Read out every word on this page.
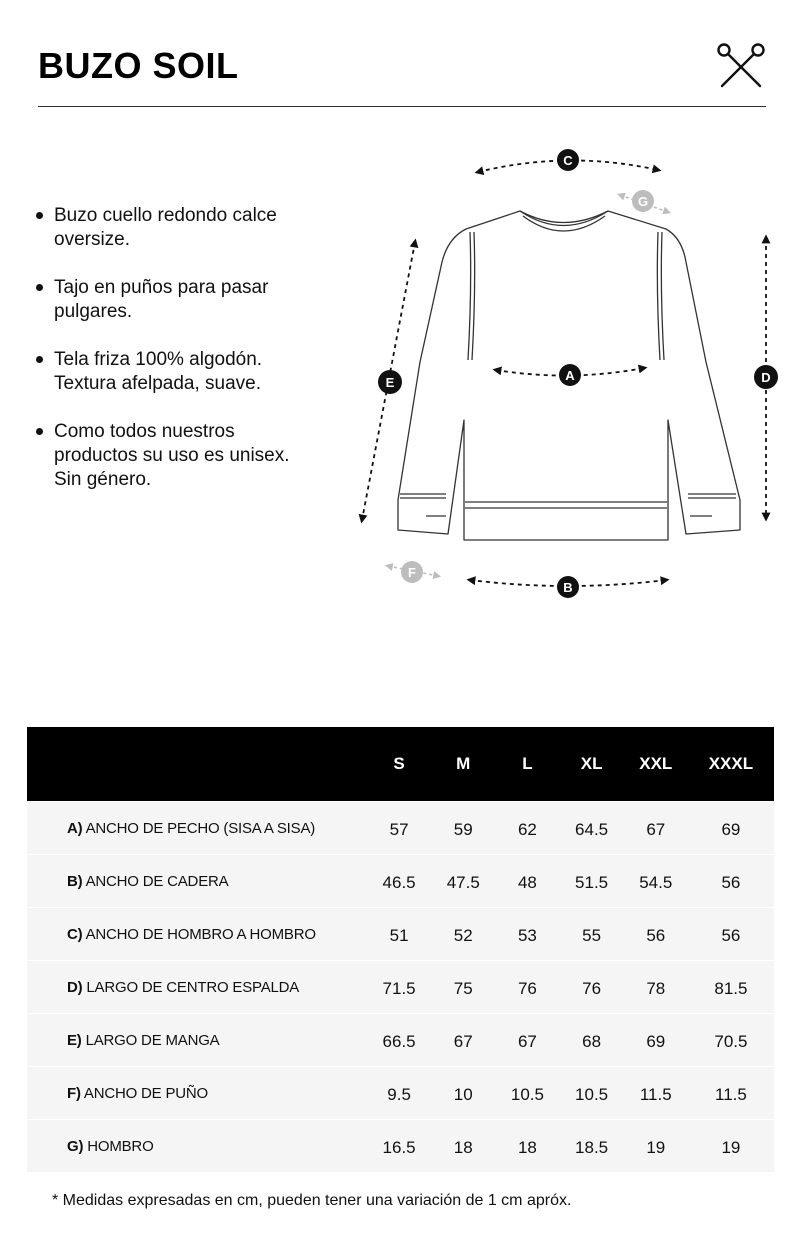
BUZO SOIL
Buzo cuello redondo calce
oversize.
Tajo en puños para pasar
pulgares.
Tela friza 100% algodón.
Textura afelpada, suave.
Como todos nuestros
productos su uso es unisex.
Sin género.
C
G
A	D
E
F
B
	S	M	L	XL	XXL	XXXL
A) ANCHO DE PECHO (SISA A SISA)	57	59	62	64.5	67	69
B) ANCHO DE CADERA	46.5	47.5	48	51.5	54.5	56
C) ANCHO DE HOMBRO A HOMBRO	51	52	53	55	56	56
D) LARGO DE CENTRO ESPALDA	71.5	75	76	76	78	81.5
E) LARGO DE MANGA	66.5	67	67	68	69	70.5
F) ANCHO DE PUÑO	9.5	10	10.5	10.5	11.5	11.5
G) HOMBRO	16.5	18	18	18.5	19	19

* Medidas expresadas en cm, pueden tener una variación de 1 cm apróx.
